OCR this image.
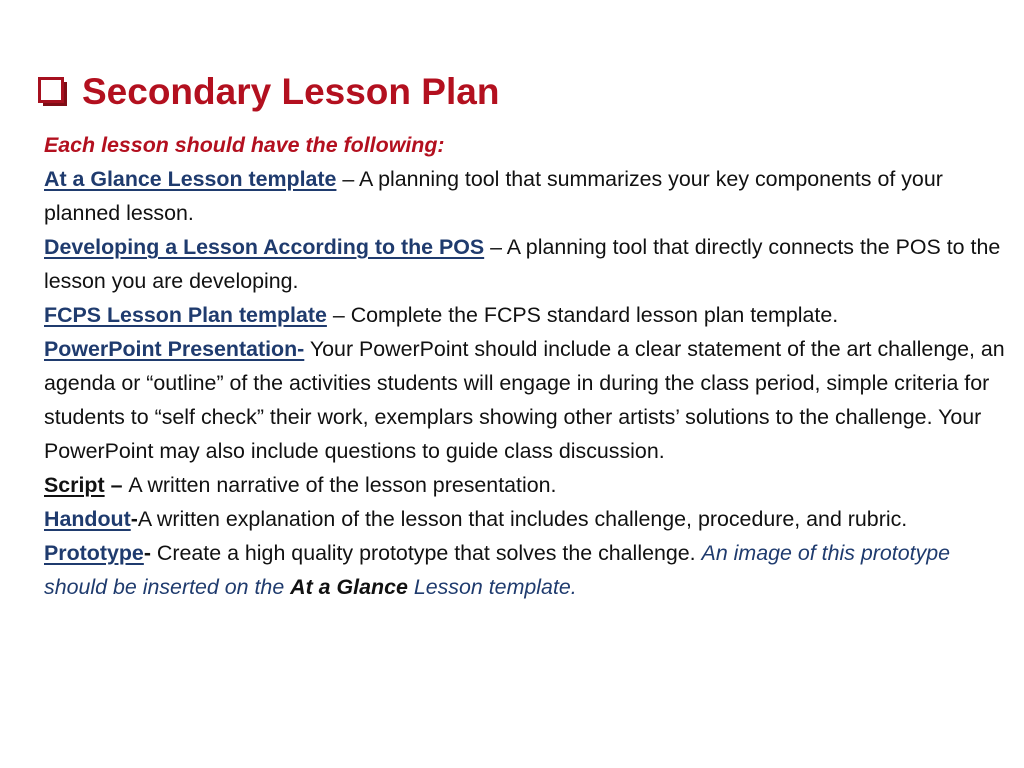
Secondary Lesson Plan

Each lesson should have the following:

At a Glance Lesson template – A planning tool that summarizes your key components of your planned lesson.

Developing a Lesson According to the POS – A planning tool that directly connects the POS to the lesson you are developing.

FCPS Lesson Plan template – Complete the FCPS standard lesson plan template.

PowerPoint Presentation- Your PowerPoint should include a clear statement of the art challenge, an agenda or “outline” of the activities students will engage in during the class period, simple criteria for students to “self check” their work, exemplars showing other artists’ solutions to the challenge. Your PowerPoint may also include questions to guide class discussion.

Script – A written narrative of the lesson presentation.

Handout-A written explanation of the lesson that includes challenge, procedure, and rubric.

Prototype- Create a high quality prototype that solves the challenge. An image of this prototype should be inserted on the At a Glance Lesson template.
